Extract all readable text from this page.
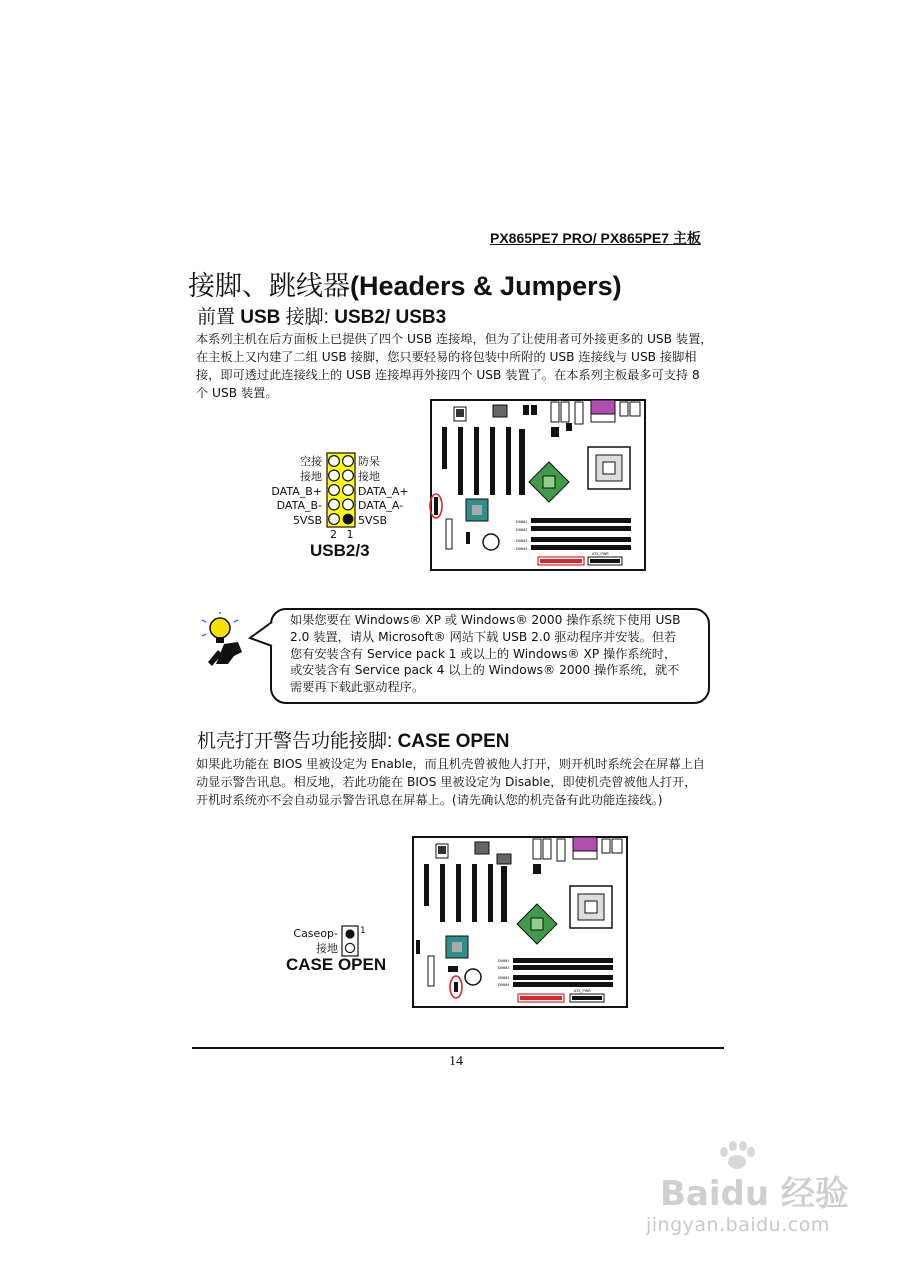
PX865PE7 PRO/ PX865PE7 主板
接脚、跳线器(Headers & Jumpers)
前置 USB 接脚: USB2/ USB3
本系列主机在后方面板上已提供了四个 USB 连接埠，但为了让使用者可外接更多的 USB 装置，
在主板上又内建了二组 USB 接脚，您只要轻易的将包装中所附的 USB 连接线与 USB 接脚相
接，即可透过此连接线上的 USB 连接埠再外接四个 USB 装置了。在本系列主板最多可支持 8
个 USB 装置。
空接
接地
DATA_B+
DATA_B-
5VSB
防呆
接地
DATA_A+
DATA_A-
5VSB
2 1
USB2/3
DIMM1
DIMM2
DIMM3
DIMM4
ATX_PWR
如果您要在 Windows® XP 或 Windows® 2000 操作系统下使用 USB
2.0 装置，请从 Microsoft® 网站下载 USB 2.0 驱动程序并安装。但若
您有安装含有 Service pack 1 或以上的 Windows® XP 操作系统时，
或安装含有 Service pack 4 以上的 Windows® 2000 操作系统，就不
需要再下载此驱动程序。
机壳打开警告功能接脚: CASE OPEN
如果此功能在 BIOS 里被设定为 Enable，而且机壳曾被他人打开，则开机时系统会在屏幕上自
动显示警告讯息。相反地，若此功能在 BIOS 里被设定为 Disable，即使机壳曾被他人打开，
开机时系统亦不会自动显示警告讯息在屏幕上。(请先确认您的机壳备有此功能连接线。)
Caseop-
接地
1
CASE OPEN	DIMM1
DIMM2
DIMM3
DIMM4
ATX_PWR
14
Baidu 经验
jingyan.baidu.com
